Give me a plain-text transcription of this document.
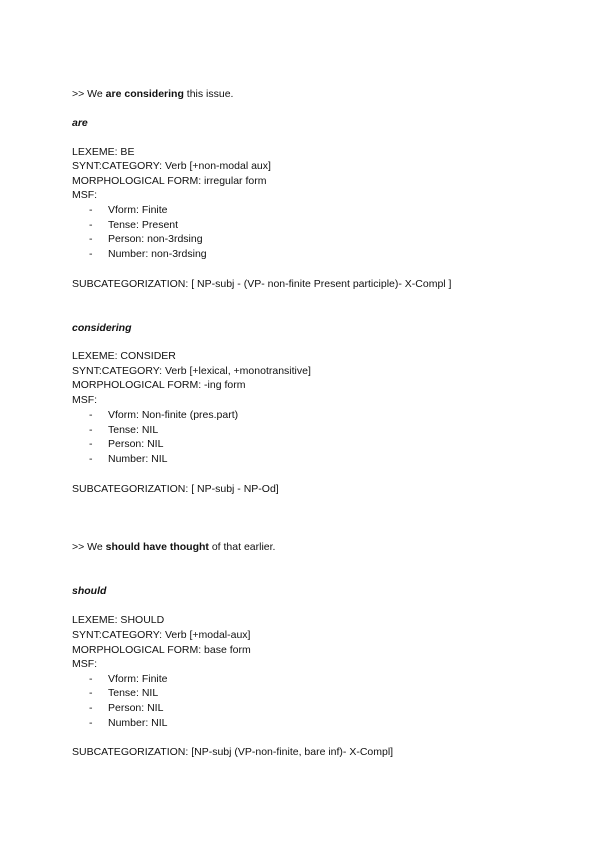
>> We are considering this issue.
are
LEXEME: BE
SYNT:CATEGORY: Verb [+non-modal aux]
MORPHOLOGICAL FORM: irregular form
MSF:
- Vform: Finite
- Tense: Present
- Person: non-3rdsing
- Number: non-3rdsing
SUBCATEGORIZATION: [ NP-subj - (VP- non-finite Present participle)- X-Compl ]
considering
LEXEME: CONSIDER
SYNT:CATEGORY: Verb [+lexical, +monotransitive]
MORPHOLOGICAL FORM: -ing form
MSF:
- Vform: Non-finite (pres.part)
- Tense: NIL
- Person: NIL
- Number: NIL
SUBCATEGORIZATION: [ NP-subj - NP-Od]
>> We should have thought of that earlier.
should
LEXEME: SHOULD
SYNT:CATEGORY: Verb [+modal-aux]
MORPHOLOGICAL FORM: base form
MSF:
- Vform: Finite
- Tense: NIL
- Person: NIL
- Number: NIL
SUBCATEGORIZATION: [NP-subj (VP-non-finite, bare inf)- X-Compl]
